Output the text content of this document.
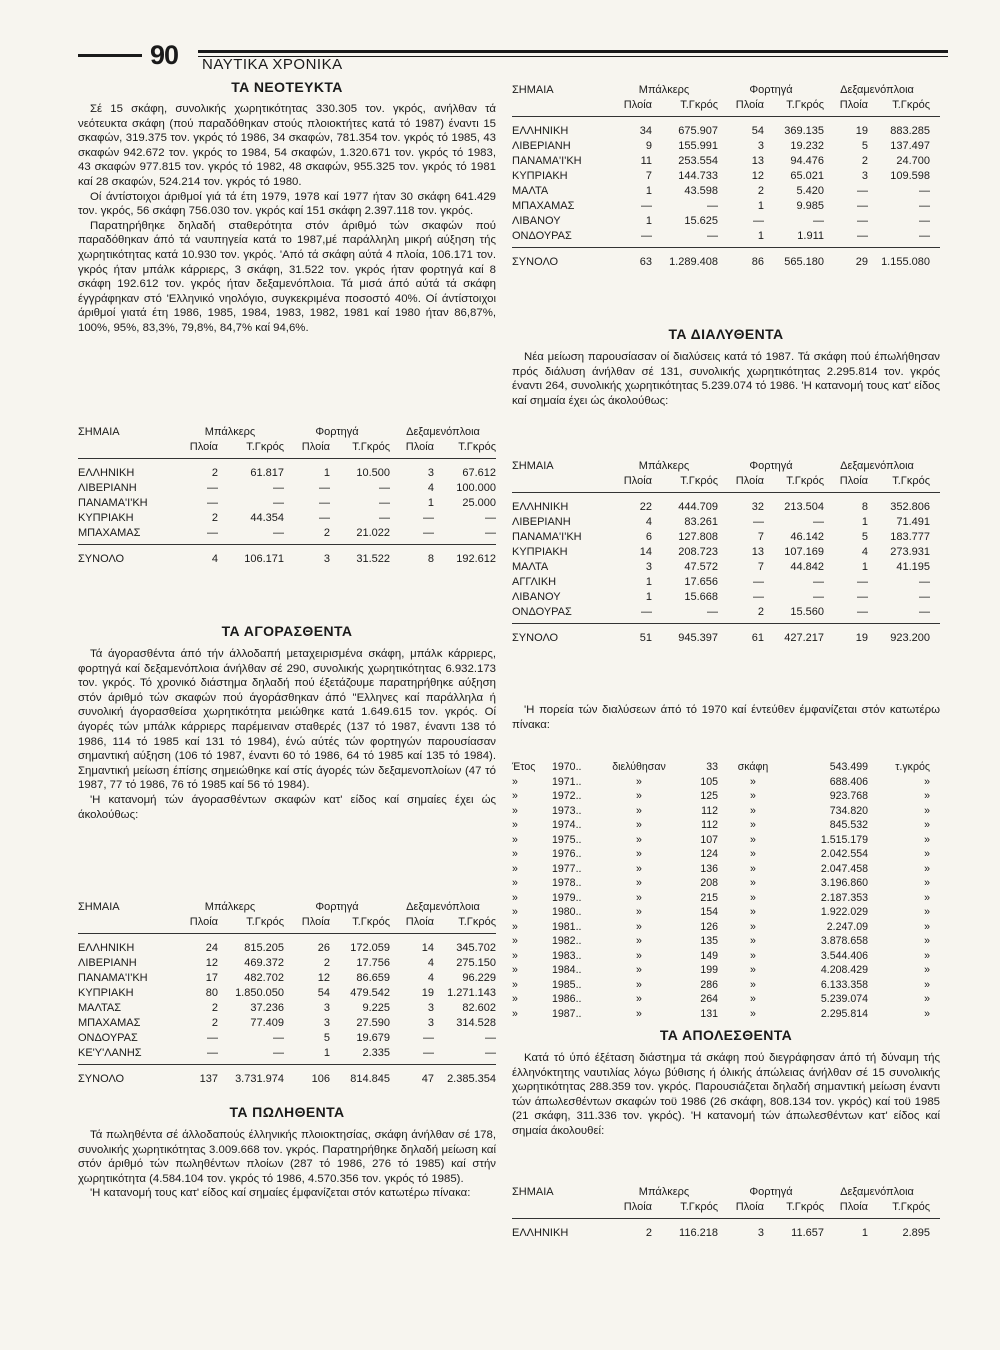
90 ΝΑΥΤΙΚΑ ΧΡΟΝΙΚΑ
ΤΑ ΝΕΟΤΕΥΚΤΑ

Σέ 15 σκάφη, συνολικής χωρητικότητας 330.305 τον. γκρός, ανήλθαν τά νεότευκτα σκάφη (πού παραδόθηκαν στούς πλοιοκτήτες κατά τό 1987) έναντι 15 σκαφών, 319.375 τον. γκρός τό 1986, 34 σκαφών, 781.354 τον. γκρός τό 1985, 43 σκαφών 942.672 τον. γκρός το 1984, 54 σκαφών, 1.320.671 τον. γκρός τό 1983, 43 σκαφών 977.815 τον. γκρός τό 1982, 48 σκαφών, 955.325 τον. γκρός τό 1981 καί 28 σκαφών, 524.214 τον. γκρός τό 1980.

Οί άντίστοιχοι άριθμοί γιά τά έτη 1979, 1978 καί 1977 ήταν 30 σκάφη 641.429 τον. γκρός, 56 σκάφη 756.030 τον. γκρός καί 151 σκάφη 2.397.118 τον. γκρός.

Παρατηρήθηκε δηλαδή σταθερότητα στόν άριθμό τών σκαφών πού παραδόθηκαν άπό τά ναυπηγεία κατά το 1987,μέ παράλληλη μικρή αύξηση τής χωρητικότητας κατά 10.930 τον. γκρός. 'Από τά σκάφη αύτά 4 πλοία, 106.171 τον. γκρός ήταν μπάλκ κάρριερς, 3 σκάφη, 31.522 τον. γκρός ήταν φορτηγά καί 8 σκάφη 192.612 τον. γκρός ήταν δεξαμενόπλοια. Τά μισά άπό αύτά τά σκάφη έγγράφηκαν στό 'Ελληνικό νηολόγιο, συγκεκριμένα ποσοστό 40%. Οί άντίστοιχοι άριθμοί γιατά έτη 1986, 1985, 1984, 1983, 1982, 1981 καί 1980 ήταν 86,87%, 100%, 95%, 83,3%, 79,8%, 84,7% καί 94,6%.

ΣΗΜΑΙΑ	Μπάλκερς	Φορτηγά	Δεξαμενόπλοια
Πλοία	Τ.Γκρός	Πλοία	Τ.Γκρός	Πλοία	Τ.Γκρός
ΕΛΛΗΝΙΚΗ	2	61.817	1	10.500	3	67.612
ΛΙΒΕΡΙΑΝΗ	—	—	—	—	4	100.000
ΠΑΝΑΜΑ'Ι'ΚΗ	—	—	—	—	1	25.000
ΚΥΠΡΙΑΚΗ	2	44.354	—	—	—	—
ΜΠΑΧΑΜΑΣ	—	—	2	21.022	—	—
ΣΥΝΟΛΟ	4	106.171	3	31.522	8	192.612
ΤΑ ΑΓΟΡΑΣΘΕΝΤΑ

Τά άγορασθέντα άπό τήν άλλοδαπή μεταχειρισμένα σκάφη, μπάλκ κάρριερς, φορτηγά καί δεξαμενόπλοια άνήλθαν σέ 290, συνολικής χωρητικότητας 6.932.173 τον. γκρός. Τό χρονικό διάστημα δηλαδή πού έξετάζουμε παρατηρήθηκε αύξηση στόν άριθμό τών σκαφών πού άγοράσθηκαν άπό "Ελληνες καί παράλληλα ή συνολική άγορασθείσα χωρητικότητα μειώθηκε κατά 1.649.615 τον. γκρός. Οί άγορές τών μπάλκ κάρριερς παρέμειναν σταθερές (137 τό 1987, έναντι 138 τό 1986, 114 τό 1985 καί 131 τό 1984), ένώ αύτές τών φορτηγών παρουσίασαν σημαντική αύξηση (106 τό 1987, έναντι 60 τό 1986, 64 τό 1985 καί 135 τό 1984). Σημαντική μείωση έπίσης σημειώθηκε καί στίς άγορές τών δεξαμενοπλοίων (47 τό 1987, 77 τό 1986, 76 τό 1985 καί 56 τό 1984).

'Η κατανομή τών άγορασθέντων σκαφών κατ' είδος καί σημαίες έχει ώς άκολούθως:

ΣΗΜΑΙΑ	Μπάλκερς	Φορτηγά	Δεξαμενόπλοια
Πλοία	Τ.Γκρός	Πλοία	Τ.Γκρός	Πλοία	Τ.Γκρός
ΕΛΛΗΝΙΚΗ	24	815.205	26	172.059	14	345.702
ΛΙΒΕΡΙΑΝΗ	12	469.372	2	17.756	4	275.150
ΠΑΝΑΜΑ'Ι'ΚΗ	17	482.702	12	86.659	4	96.229
ΚΥΠΡΙΑΚΗ	80	1.850.050	54	479.542	19	1.271.143
ΜΑΛΤΑΣ	2	37.236	3	9.225	3	82.602
ΜΠΑΧΑΜΑΣ	2	77.409	3	27.590	3	314.528
ΟΝΔΟΥΡΑΣ	—	—	5	19.679	—	—
ΚΕ'Υ'ΛΑΝΗΣ	—	—	1	2.335	—	—
ΣΥΝΟΛΟ	137	3.731.974	106	814.845	47	2.385.354
ΤΑ ΠΩΛΗΘΕΝΤΑ

Τά πωληθέντα σέ άλλοδαπούς έλληνικής πλοιοκτησίας, σκάφη άνήλθαν σέ 178, συνολικής χωρητικότητας 3.009.668 τον. γκρός. Παρατηρήθηκε δηλαδή μείωση καί στόν άριθμό τών πωληθέντων πλοίων (287 τό 1986, 276 τό 1985) καί στήν χωρητικότητα (4.584.104 τον. γκρός τό 1986, 4.570.356 τον. γκρός τό 1985).

'Η κατανομή τους κατ' είδος καί σημαίες έμφανίζεται στόν κατωτέρω πίνακα:

ΣΗΜΑΙΑ	Μπάλκερς	Φορτηγά	Δεξαμενόπλοια
Πλοία	Τ.Γκρός	Πλοία	Τ.Γκρός	Πλοία	Τ.Γκρός
ΕΛΛΗΝΙΚΗ	34	675.907	54	369.135	19	883.285
ΛΙΒΕΡΙΑΝΗ	9	155.991	3	19.232	5	137.497
ΠΑΝΑΜΑ'Ι'ΚΗ	11	253.554	13	94.476	2	24.700
ΚΥΠΡΙΑΚΗ	7	144.733	12	65.021	3	109.598
ΜΑΛΤΑ	1	43.598	2	5.420	—	—
ΜΠΑΧΑΜΑΣ	—	—	1	9.985	—	—
ΛΙΒΑΝΟΥ	1	15.625	—	—	—	—
ΟΝΔΟΥΡΑΣ	—	—	1	1.911	—	—
ΣΥΝΟΛΟ	63	1.289.408	86	565.180	29	1.155.080
ΤΑ ΔΙΑΛΥΘΕΝΤΑ

Νέα μείωση παρουσίασαν οί διαλύσεις κατά τό 1987. Τά σκάφη πού έπωλήθησαν πρός διάλυση άνήλθαν σέ 131, συνολικής χωρητικότητας 2.295.814 τον. γκρός έναντι 264, συνολικής χωρητικότητας 5.239.074 τό 1986. 'Η κατανομή τους κατ' είδος καί σημαία έχει ώς άκολούθως:

ΣΗΜΑΙΑ	Μπάλκερς	Φορτηγά	Δεξαμενόπλοια
Πλοία	Τ.Γκρός	Πλοία	Τ.Γκρός	Πλοία	Τ.Γκρός
ΕΛΛΗΝΙΚΗ	22	444.709	32	213.504	8	352.806
ΛΙΒΕΡΙΑΝΗ	4	83.261	—	—	1	71.491
ΠΑΝΑΜΑ'Ι'ΚΗ	6	127.808	7	46.142	5	183.777
ΚΥΠΡΙΑΚΗ	14	208.723	13	107.169	4	273.931
ΜΑΛΤΑ	3	47.572	7	44.842	1	41.195
ΑΓΓΛΙΚΗ	1	17.656	—	—	—	—
ΛΙΒΑΝΟΥ	1	15.668	—	—	—	—
ΟΝΔΟΥΡΑΣ	—	—	2	15.560	—	—
ΣΥΝΟΛΟ	51	945.397	61	427.217	19	923.200

'Η πορεία τών διαλύσεων άπό τό 1970 καί έντεύθεν έμφανίζεται στόν κατωτέρω πίνακα:

Έτος	1970..	διελύθησαν	33	σκάφη	543.499	τ.γκρός
»	1971..	»	105	»	688.406	»
»	1972..	»	125	»	923.768	»
»	1973..	»	112	»	734.820	»
»	1974..	»	112	»	845.532	»
»	1975..	»	107	»	1.515.179	»
»	1976..	»	124	»	2.042.554	»
»	1977..	»	136	»	2.047.458	»
»	1978..	»	208	»	3.196.860	»
»	1979..	»	215	»	2.187.353	»
»	1980..	»	154	»	1.922.029	»
»	1981..	»	126	»	2.247.09	»
»	1982..	»	135	»	3.878.658	»
»	1983..	»	149	»	3.544.406	»
»	1984..	»	199	»	4.208.429	»
»	1985..	»	286	»	6.133.358	»
»	1986..	»	264	»	5.239.074	»
»	1987..	»	131	»	2.295.814	»
ΤΑ ΑΠΟΛΕΣΘΕΝΤΑ

Κατά τό ύπό έξέταση διάστημα τά σκάφη πού διεγράφησαν άπό τή δύναμη τής έλληνόκτητης ναυτιλίας λόγω βύθισης ή όλικής άπώλειας άνήλθαν σέ 15 συνολικής χωρητικότητας 288.359 τον. γκρός. Παρουσιάζεται δηλαδή σημαντική μείωση έναντι τών άπωλεσθέντων σκαφών τοϋ 1986 (26 σκάφη, 808.134 τον. γκρός) καί τοϋ 1985 (21 σκάφη, 311.336 τον. γκρός). 'Η κατανομή τών άπωλεσθέντων κατ' είδος καί σημαία άκολουθεί:

ΣΗΜΑΙΑ	Μπάλκερς	Φορτηγά	Δεξαμενόπλοια
Πλοία	Τ.Γκρός	Πλοία	Τ.Γκρός	Πλοία	Τ.Γκρός
ΕΛΛΗΝΙΚΗ	2	116.218	3	11.657	1	2.895
